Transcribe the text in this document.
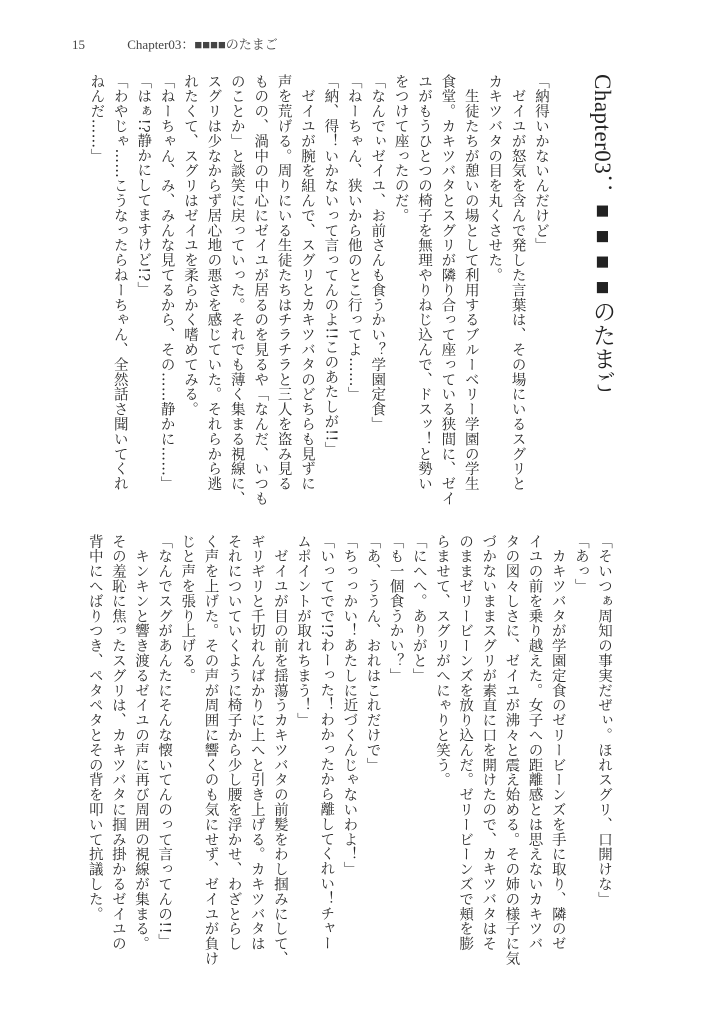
15	Chapter03：■■■■のたまご
Chapter03：■■■■のたまご
「納得いかないんだけど」
　ゼイユが怒気を含んで発した言葉は、その場にいるスグリと
カキツバタの目を丸くさせた。
　生徒たちが憩いの場として利用するブルーベリー学園の学生
食堂。カキツバタとスグリが隣り合って座っている狭間に、ゼイ
ユがもうひとつの椅子を無理やりねじ込んで、ドスッ！と勢い
をつけて座ったのだ。
「なんでぃゼイユ、お前さんも食うかい？学園定食」
「ねーちゃん、狭いから他のとこ行ってよ……」
「納、得！いかないって言ってんのよ!!このあたしが!!」
　ゼイユが腕を組んで、スグリとカキツバタのどちらも見ずに
声を荒げる。周りにいる生徒たちはチラチラと三人を盗み見る
ものの、渦中の中心にゼイユが居るのを見るや「なんだ、いつも
のことか」と談笑に戻っていった。それでも薄く集まる視線に、
スグリは少なからず居心地の悪さを感じていた。それらから逃
れたくて、スグリはゼイユを柔らかく嗜めてみる。
「ねーちゃん、み、みんな見てるから、その……静かに……」
「はぁ!?静かにしてますけど!?」
「わやじゃ……こうなったらねーちゃん、全然話さ聞いてくれ
ねんだ……」
「そいつぁ周知の事実だぜぃ。ほれスグリ、口開けな」
「あっ」
　カキツバタが学園定食のゼリービーンズを手に取り、隣のゼ
イユの前を乗り越えた。女子への距離感とは思えないカキツバ
タの図々しさに、ゼイユが沸々と震え始める。その姉の様子に気
づかないままスグリが素直に口を開けたので、カキツバタはそ
のままゼリービーンズを放り込んだ。ゼリービーンズで頬を膨
らませて、スグリがへにゃりと笑う。
「にへへ。ありがと」
「も一個食うかい？」
「あ、ううん、おれはこれだけで」
「ちっっかい！あたしに近づくんじゃないわよ！」
「いってでで!?わーった！わかったから離してくれい！チャー
ムポイントが取れちまう！」
　ゼイユが目の前を揺蕩うカキツバタの前髪をわし掴みにして、
ギリギリと千切れんばかりに上へと引き上げる。カキツバタは
それについていくように椅子から少し腰を浮かせ、わざとらし
く声を上げた。その声が周囲に響くのも気にせず、ゼイユが負け
じと声を張り上げる。
「なんでスグがあんたにそんな懐いてんのって言ってんの!!」
　キンキンと響き渡るゼイユの声に再び周囲の視線が集まる。
その羞恥に焦ったスグリは、カキツバタに掴み掛かるゼイユの
背中にへばりつき、ペタペタとその背を叩いて抗議した。
